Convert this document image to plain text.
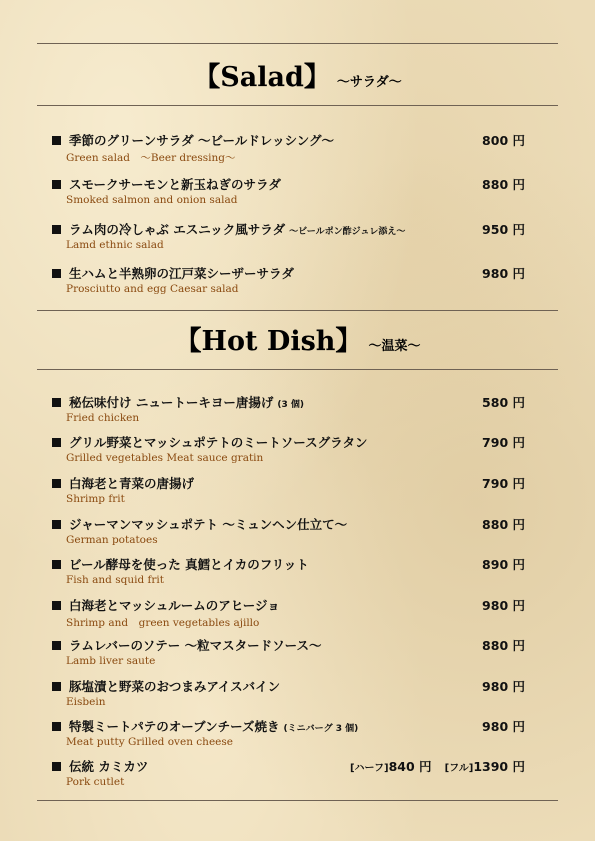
【Salad】 ～サラダ～
季節のグリーンサラダ ～ビールドレッシング～
Green salad　～Beer dressing～
800 円
スモークサーモンと新玉ねぎのサラダ
Smoked salmon and onion salad
880 円
ラム肉の冷しゃぶ エスニック風サラダ ～ビールポン酢ジュレ添え～
Lamd ethnic salad
950 円
生ハムと半熟卵の江戸菜シーザーサラダ
Prosciutto and egg Caesar salad
980 円
【Hot Dish】 ～温菜～
秘伝味付け ニュートーキヨー唐揚げ (3 個)
Fried chicken
580 円
グリル野菜とマッシュポテトのミートソースグラタン
Grilled vegetables Meat sauce gratin
790 円
白海老と青菜の唐揚げ
Shrimp frit
790 円
ジャーマンマッシュポテト ～ミュンヘン仕立て～
German potatoes
880 円
ビール酵母を使った 真鱈とイカのフリット
Fish and squid frit
890 円
白海老とマッシュルームのアヒージョ
Shrimp and　green vegetables ajillo
980 円
ラムレバーのソテー ～粒マスタードソース～
Lamb liver saute
880 円
豚塩漬と野菜のおつまみアイスバイン
Eisbein
980 円
特製ミートパテのオーブンチーズ焼き (ミニバーグ 3 個)
Meat putty Grilled oven cheese
980 円
伝統 カミカツ
Pork cutlet
[ハーフ]840 円 [フル]1390 円
